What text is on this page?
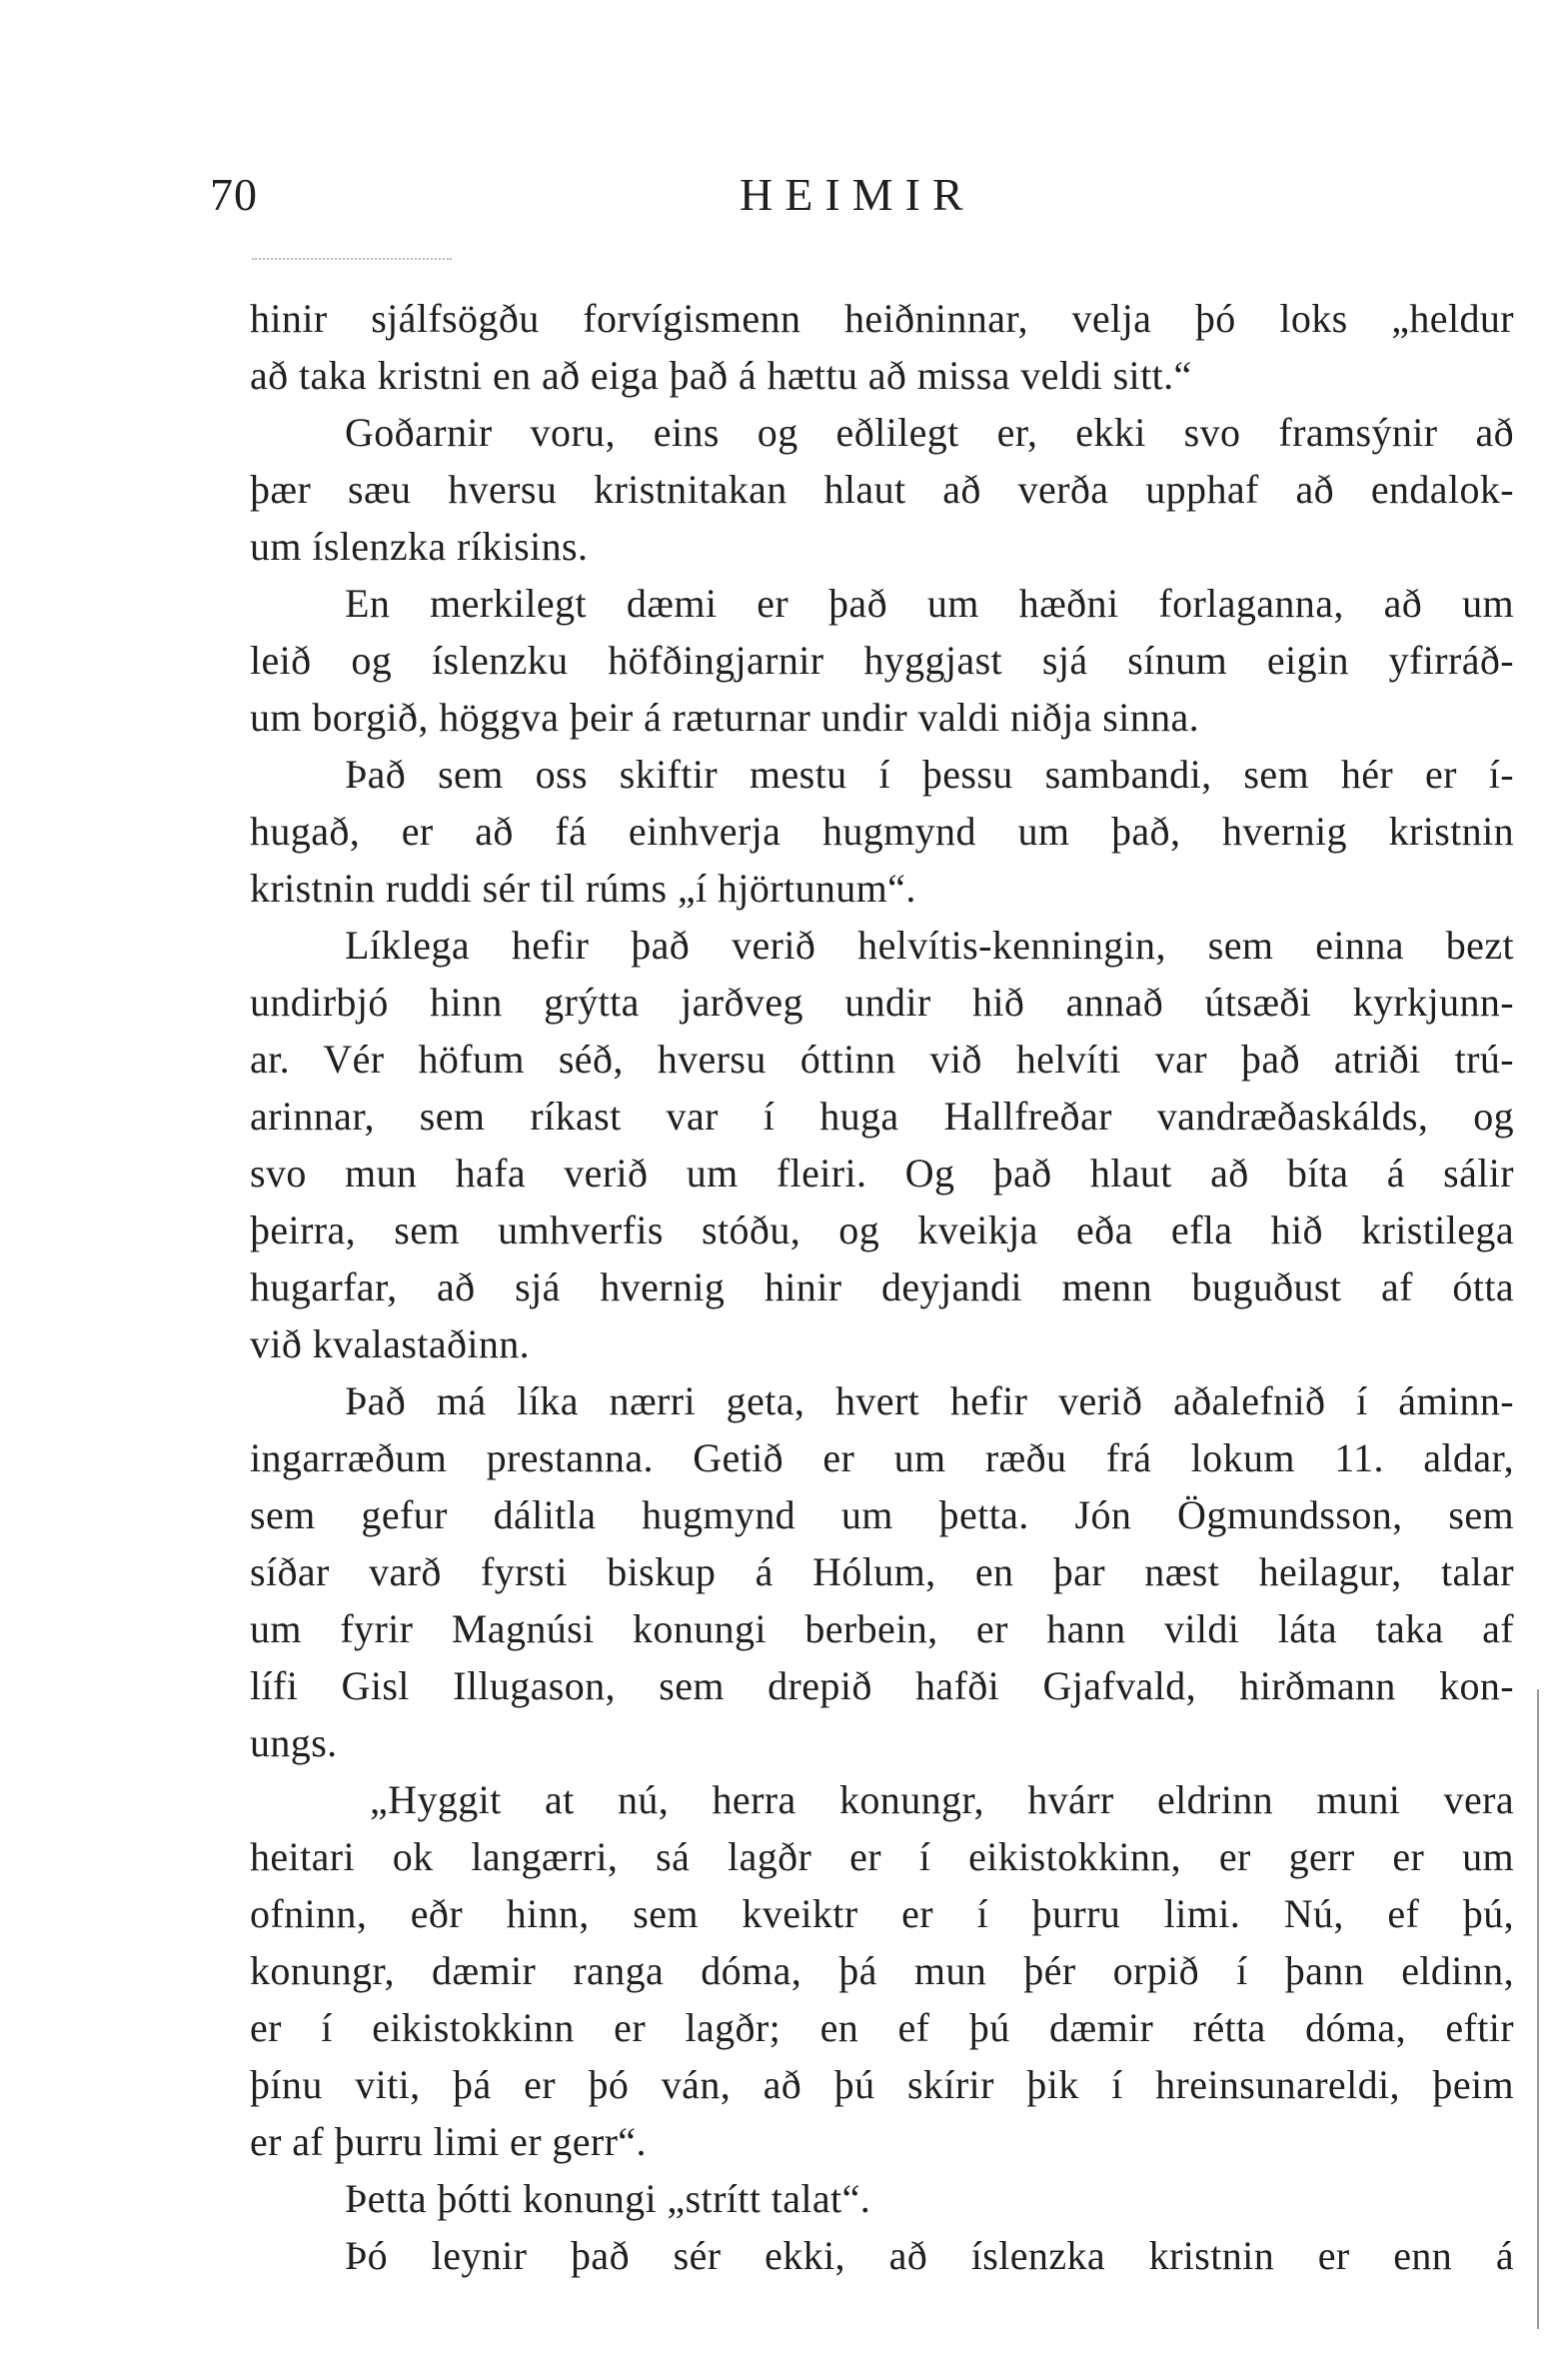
70	HEIMIR
hinir sjálfsögðu forvígismenn heiðninnar, velja þó loks „heldur
að taka kristni en að eiga það á hættu að missa veldi sitt.“
Goðarnir voru, eins og eðlilegt er, ekki svo framsýnir að
þær sæu hversu kristnitakan hlaut að verða upphaf að endalok-
um íslenzka ríkisins.
En merkilegt dæmi er það um hæðni forlaganna, að um
leið og íslenzku höfðingjarnir hyggjast sjá sínum eigin yfirráð-
um borgið, höggva þeir á ræturnar undir valdi niðja sinna.
Það sem oss skiftir mestu í þessu sambandi, sem hér er í-
hugað, er að fá einhverja hugmynd um það, hvernig kristnin
kristnin ruddi sér til rúms „í hjörtunum“.
Líklega hefir það verið helvítis-kenningin, sem einna bezt
undirbjó hinn grýtta jarðveg undir hið annað útsæði kyrkjunn-
ar. Vér höfum séð, hversu óttinn við helvíti var það atriði trú-
arinnar, sem ríkast var í huga Hallfreðar vandræðaskálds, og
svo mun hafa verið um fleiri. Og það hlaut að bíta á sálir
þeirra, sem umhverfis stóðu, og kveikja eða efla hið kristilega
hugarfar, að sjá hvernig hinir deyjandi menn buguðust af ótta
við kvalastaðinn.
Það má líka nærri geta, hvert hefir verið aðalefnið í áminn-
ingarræðum prestanna. Getið er um ræðu frá lokum 11. aldar,
sem gefur dálitla hugmynd um þetta. Jón Ögmundsson, sem
síðar varð fyrsti biskup á Hólum, en þar næst heilagur, talar
um fyrir Magnúsi konungi berbein, er hann vildi láta taka af
lífi Gisl Illugason, sem drepið hafði Gjafvald, hirðmann kon-
ungs.
„Hyggit at nú, herra konungr, hvárr eldrinn muni vera
heitari ok langærri, sá lagðr er í eikistokkinn, er gerr er um
ofninn, eðr hinn, sem kveiktr er í þurru limi. Nú, ef þú,
konungr, dæmir ranga dóma, þá mun þér orpið í þann eldinn,
er í eikistokkinn er lagðr; en ef þú dæmir rétta dóma, eftir
þínu viti, þá er þó ván, að þú skírir þik í hreinsunareldi, þeim
er af þurru limi er gerr“.
Þetta þótti konungi „strítt talat“.
Þó leynir það sér ekki, að íslenzka kristnin er enn á
